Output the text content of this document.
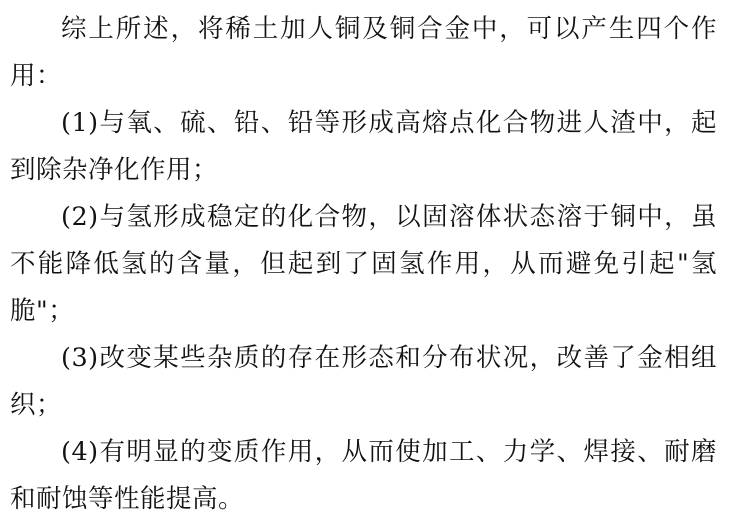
综上所述，将稀土加人铜及铜合金中，可以产生四个作用：

(1)与氧、硫、铅、铅等形成高熔点化合物进人渣中，起到除杂净化作用；

(2)与氢形成稳定的化合物，以固溶体状态溶于铜中，虽不能降低氢的含量，但起到了固氢作用，从而避免引起"氢脆"；

(3)改变某些杂质的存在形态和分布状况，改善了金相组织；

(4)有明显的变质作用，从而使加工、力学、焊接、耐磨和耐蚀等性能提高。
